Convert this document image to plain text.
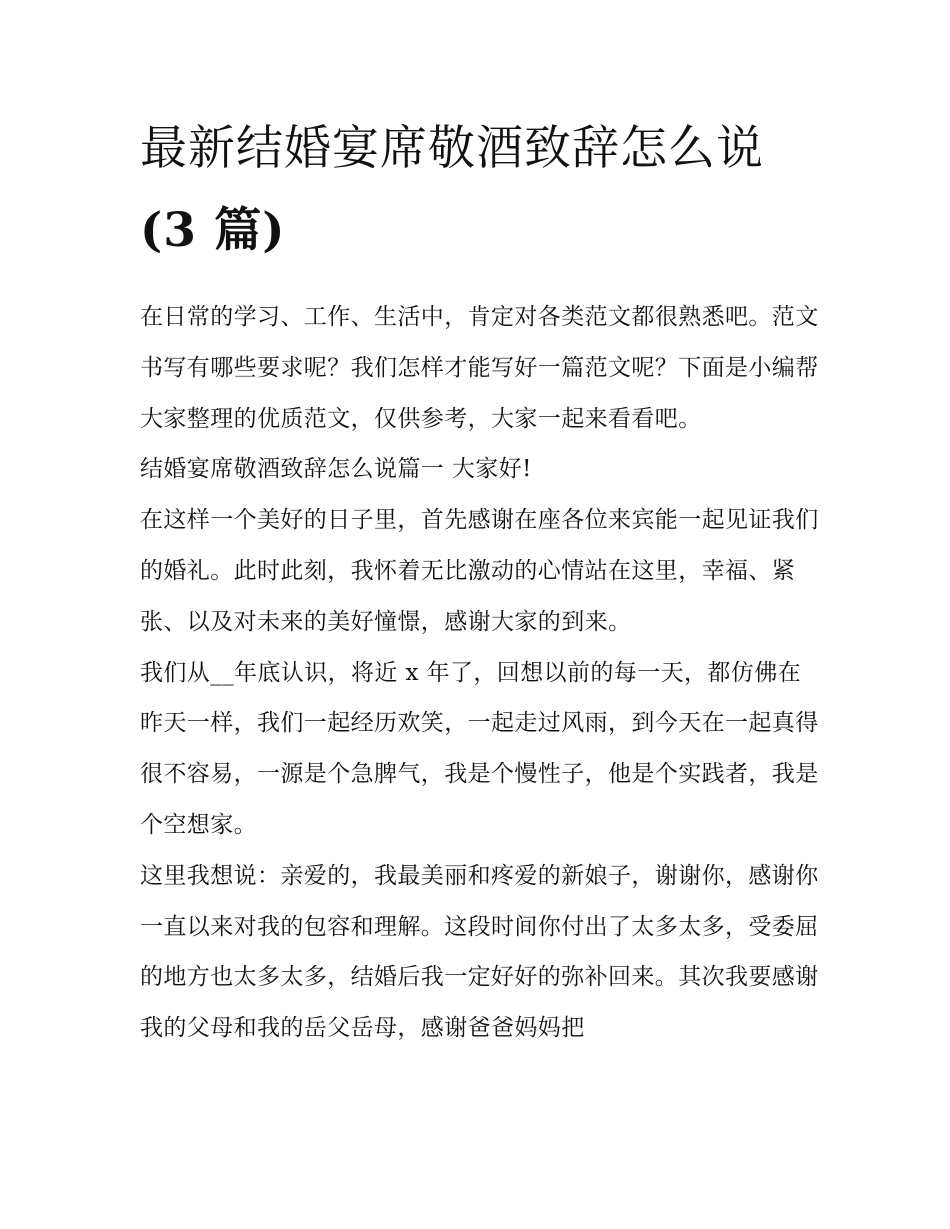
最新结婚宴席敬酒致辞怎么说
(3 篇)

在日常的学习、工作、生活中，肯定对各类范文都很熟悉吧。范文书写有哪些要求呢？我们怎样才能写好一篇范文呢？下面是小编帮大家整理的优质范文，仅供参考，大家一起来看看吧。

结婚宴席敬酒致辞怎么说篇一 大家好!

在这样一个美好的日子里，首先感谢在座各位来宾能一起见证我们的婚礼。此时此刻，我怀着无比激动的心情站在这里，幸福、紧张、以及对未来的美好憧憬，感谢大家的到来。

我们从__年底认识，将近 x 年了，回想以前的每一天，都仿佛在昨天一样，我们一起经历欢笑，一起走过风雨，到今天在一起真得很不容易，一源是个急脾气，我是个慢性子，他是个实践者，我是个空想家。

这里我想说：亲爱的，我最美丽和疼爱的新娘子，谢谢你，感谢你一直以来对我的包容和理解。这段时间你付出了太多太多，受委屈的地方也太多太多，结婚后我一定好好的弥补回来。其次我要感谢我的父母和我的岳父岳母，感谢爸爸妈妈把
